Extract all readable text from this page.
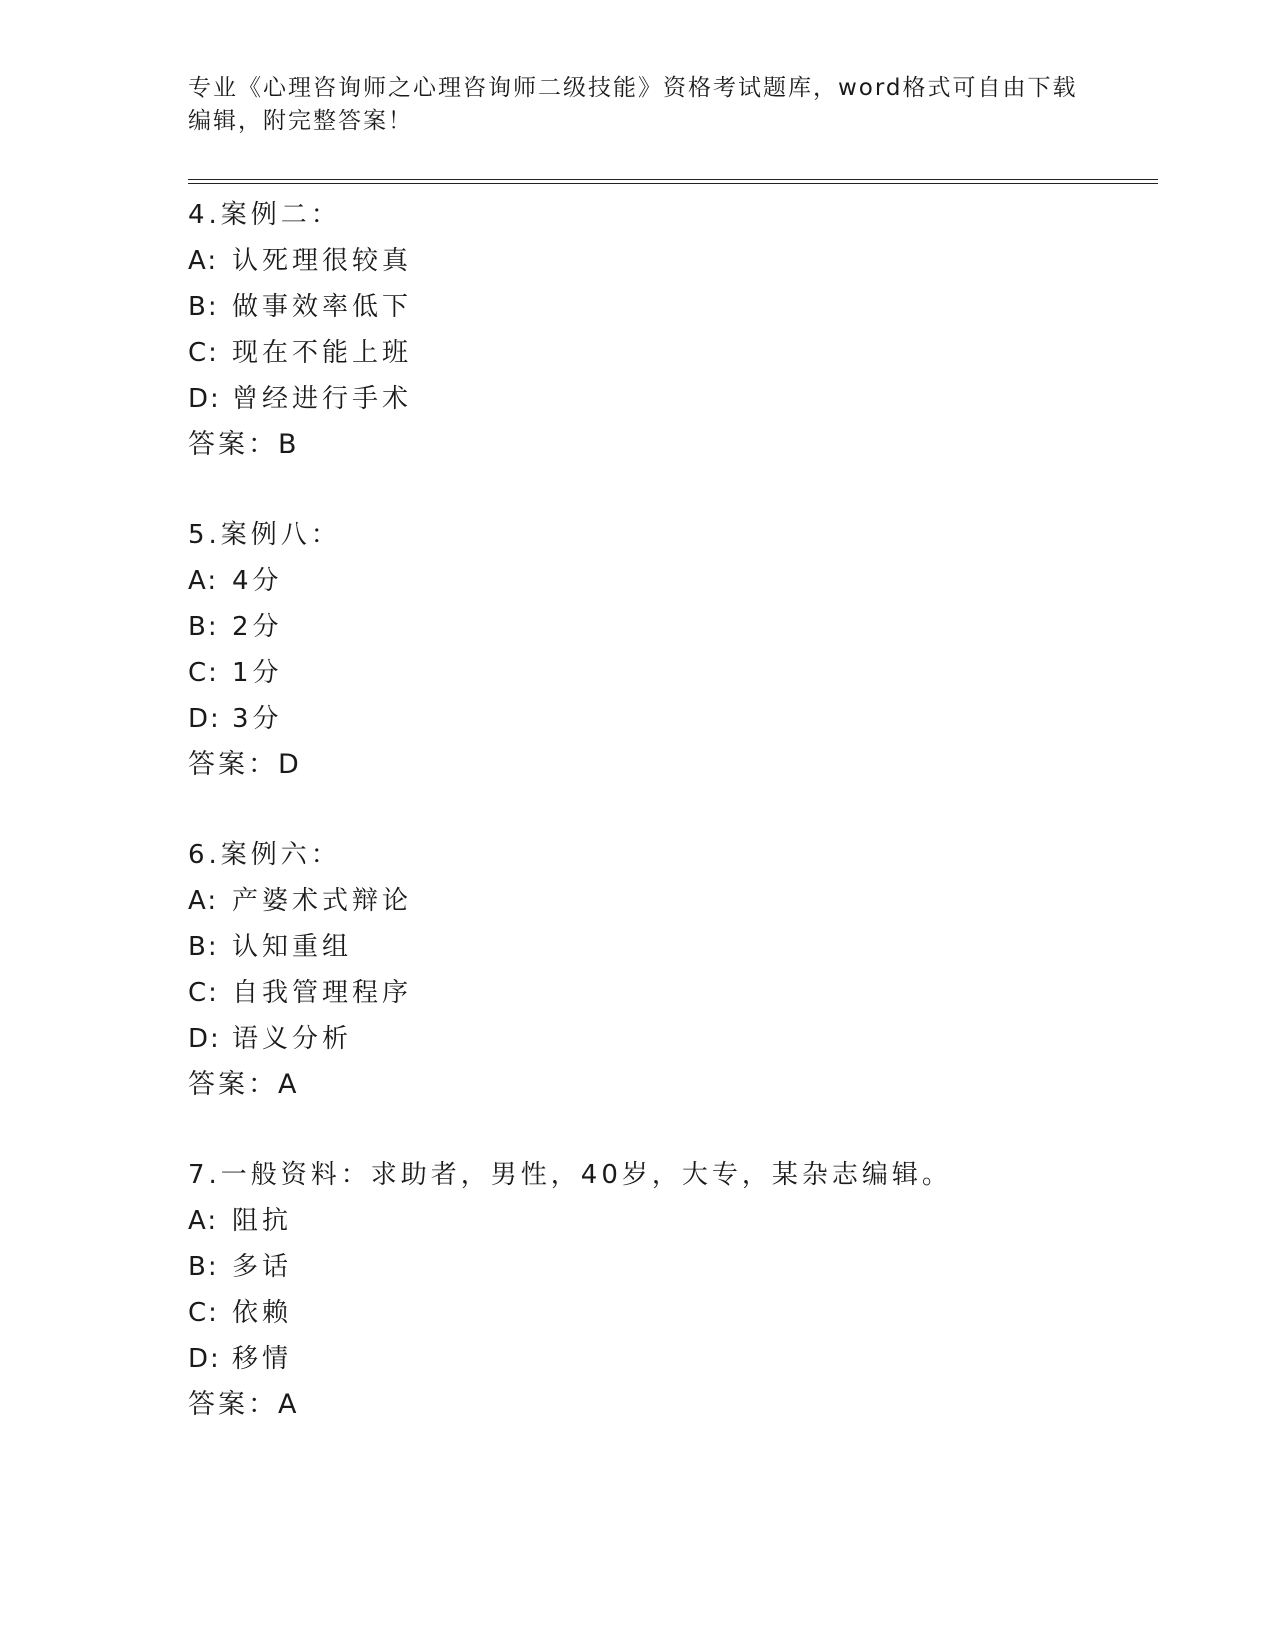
专业《心理咨询师之心理咨询师二级技能》资格考试题库，word格式可自由下载
编辑，附完整答案！
4.案例二：
A: 认死理很较真
B: 做事效率低下
C: 现在不能上班
D: 曾经进行手术
答案：B
5.案例八：
A: 4分
B: 2分
C: 1分
D: 3分
答案：D
6.案例六：
A: 产婆术式辩论
B: 认知重组
C: 自我管理程序
D: 语义分析
答案：A
7.一般资料：求助者，男性，40岁，大专，某杂志编辑。
A: 阻抗
B: 多话
C: 依赖
D: 移情
答案：A
